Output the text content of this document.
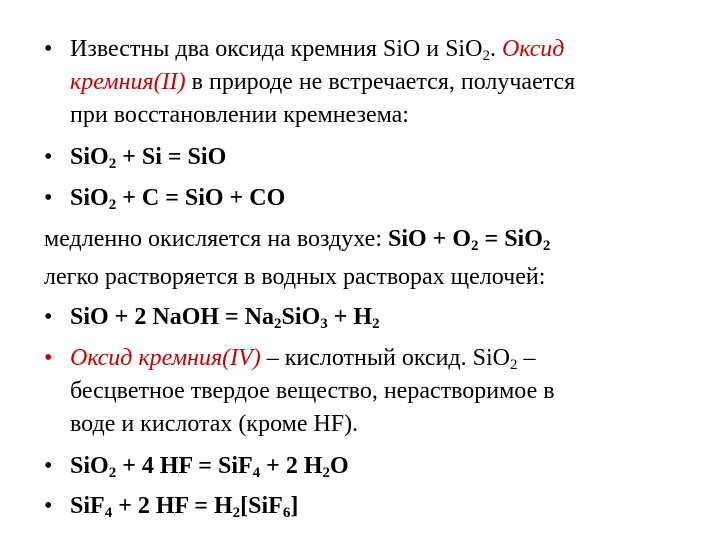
• Известны два оксида кремния SiO и SiO$_2$. Оксид
кремния(II) в природе не встречается, получается
при восстановлении кремнезема:
• SiO$_2$ + Si = SiO
• SiO$_2$ + C = SiO + CO
медленно окисляется на воздухе: SiO + $O_2 = SiO_2$
легко растворяется в водных растворах щелочей:
• SiO + 2 NaOH = $Na_2SiO_3 + H_2$
• Оксид кремния(IV) – кислотный оксид. SiO$_2$ –
бесцветное твердое вещество, нерастворимое в
воде и кислотах (кроме HF).
• SiO$_2$ + 4 HF = SiF$_4$ + 2 $H_2O$
• SiF$_4$ + 2 HF = $H_2[SiF_6]$
